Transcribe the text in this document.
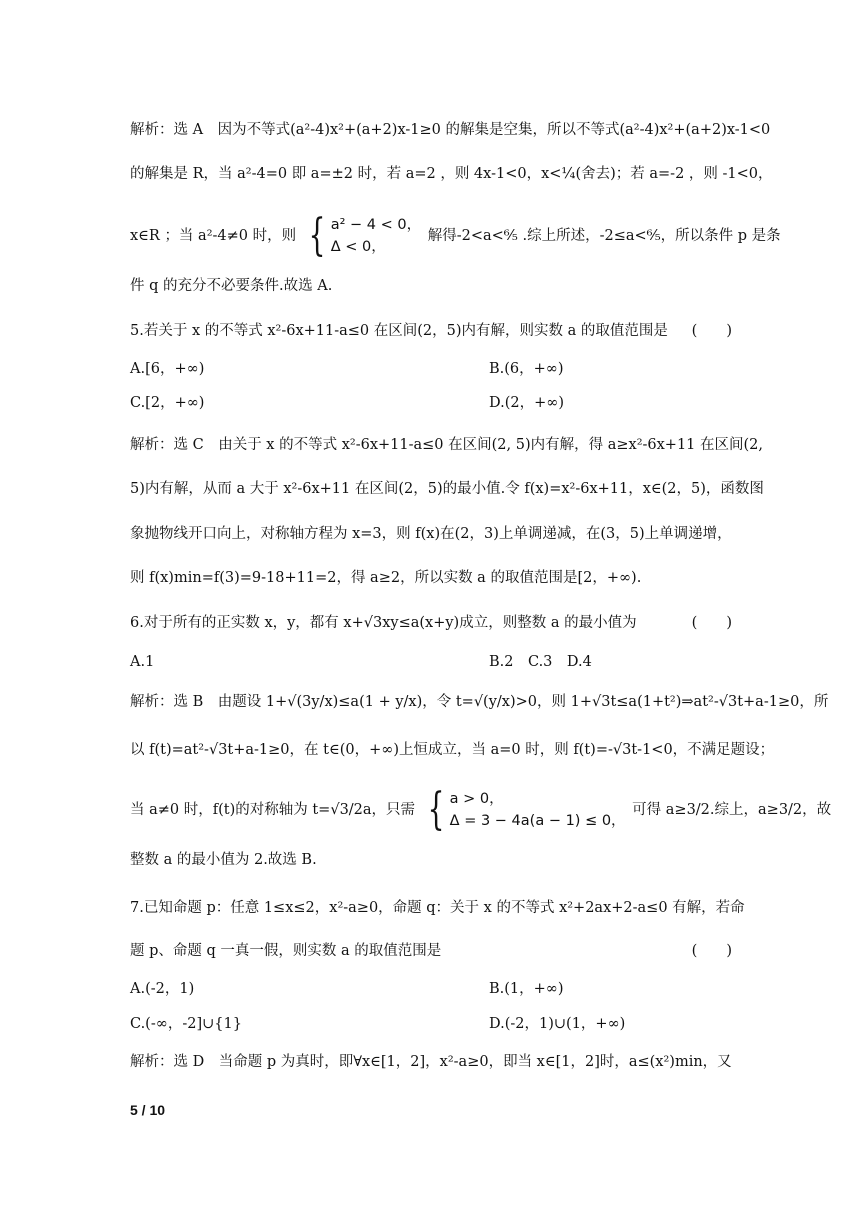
解析：选 A　因为不等式(a²-4)x²+(a+2)x-1≥0 的解集是空集，所以不等式(a²-4)x²+(a+2)x-1<0
的解集是 R，当 a²-4=0 即 a=±2 时，若 a=2 ，则 4x-1<0，x<¼(舍去)；若 a=-2 ，则 -1<0，
x∈R ；当 a²-4≠0 时，则 { a² − 4 < 0，
Δ < 0，
解得-2<a<⁶⁄₅ .综上所述，-2≤a<⁶⁄₅，所以条件 p 是条
件 q 的充分不必要条件.故选 A.
5.若关于 x 的不等式 x²-6x+11-a≤0 在区间(2，5)内有解，则实数 a 的取值范围是 (　　)
A.[6，+∞)	B.(6，+∞)
C.[2，+∞)	D.(2，+∞)
解析：选 C　由关于 x 的不等式 x²-6x+11-a≤0 在区间(2, 5)内有解，得 a≥x²-6x+11 在区间(2,
5)内有解，从而 a 大于 x²-6x+11 在区间(2，5)的最小值.令 f(x)=x²-6x+11，x∈(2，5)，函数图
象抛物线开口向上，对称轴方程为 x=3，则 f(x)在(2，3)上单调递减，在(3，5)上单调递增，
则 f(x)min=f(3)=9-18+11=2，得 a≥2，所以实数 a 的取值范围是[2，+∞).
6.对于所有的正实数 x，y，都有 x+√3xy≤a(x+y)成立，则整数 a 的最小值为	(　　)
A.1	B.2　C.3　D.4
解析：选 B　由题设 1+√(3y/x)≤a(1 + y/x)，令 t=√(y/x)>0，则 1+√3t≤a(1+t²)⇒at²-√3t+a-1≥0，所
以 f(t)=at²-√3t+a-1≥0，在 t∈(0，+∞)上恒成立，当 a=0 时，则 f(t)=-√3t-1<0，不满足题设；
当 a≠0 时，f(t)的对称轴为 t=√3/2a，只需 { a > 0，
Δ = 3 − 4a(a − 1) ≤ 0，
可得 a≥3/2.综上，a≥3/2，故
整数 a 的最小值为 2.故选 B.
7.已知命题 p：任意 1≤x≤2，x²-a≥0，命题 q：关于 x 的不等式 x²+2ax+2-a≤0 有解，若命
题 p、命题 q 一真一假，则实数 a 的取值范围是	(　　)
A.(-2，1)	B.(1，+∞)
C.(-∞，-2]∪{1}	D.(-2，1)∪(1，+∞)
解析：选 D　当命题 p 为真时，即∀x∈[1，2]，x²-a≥0，即当 x∈[1，2]时，a≤(x²)min，又
5 / 10
